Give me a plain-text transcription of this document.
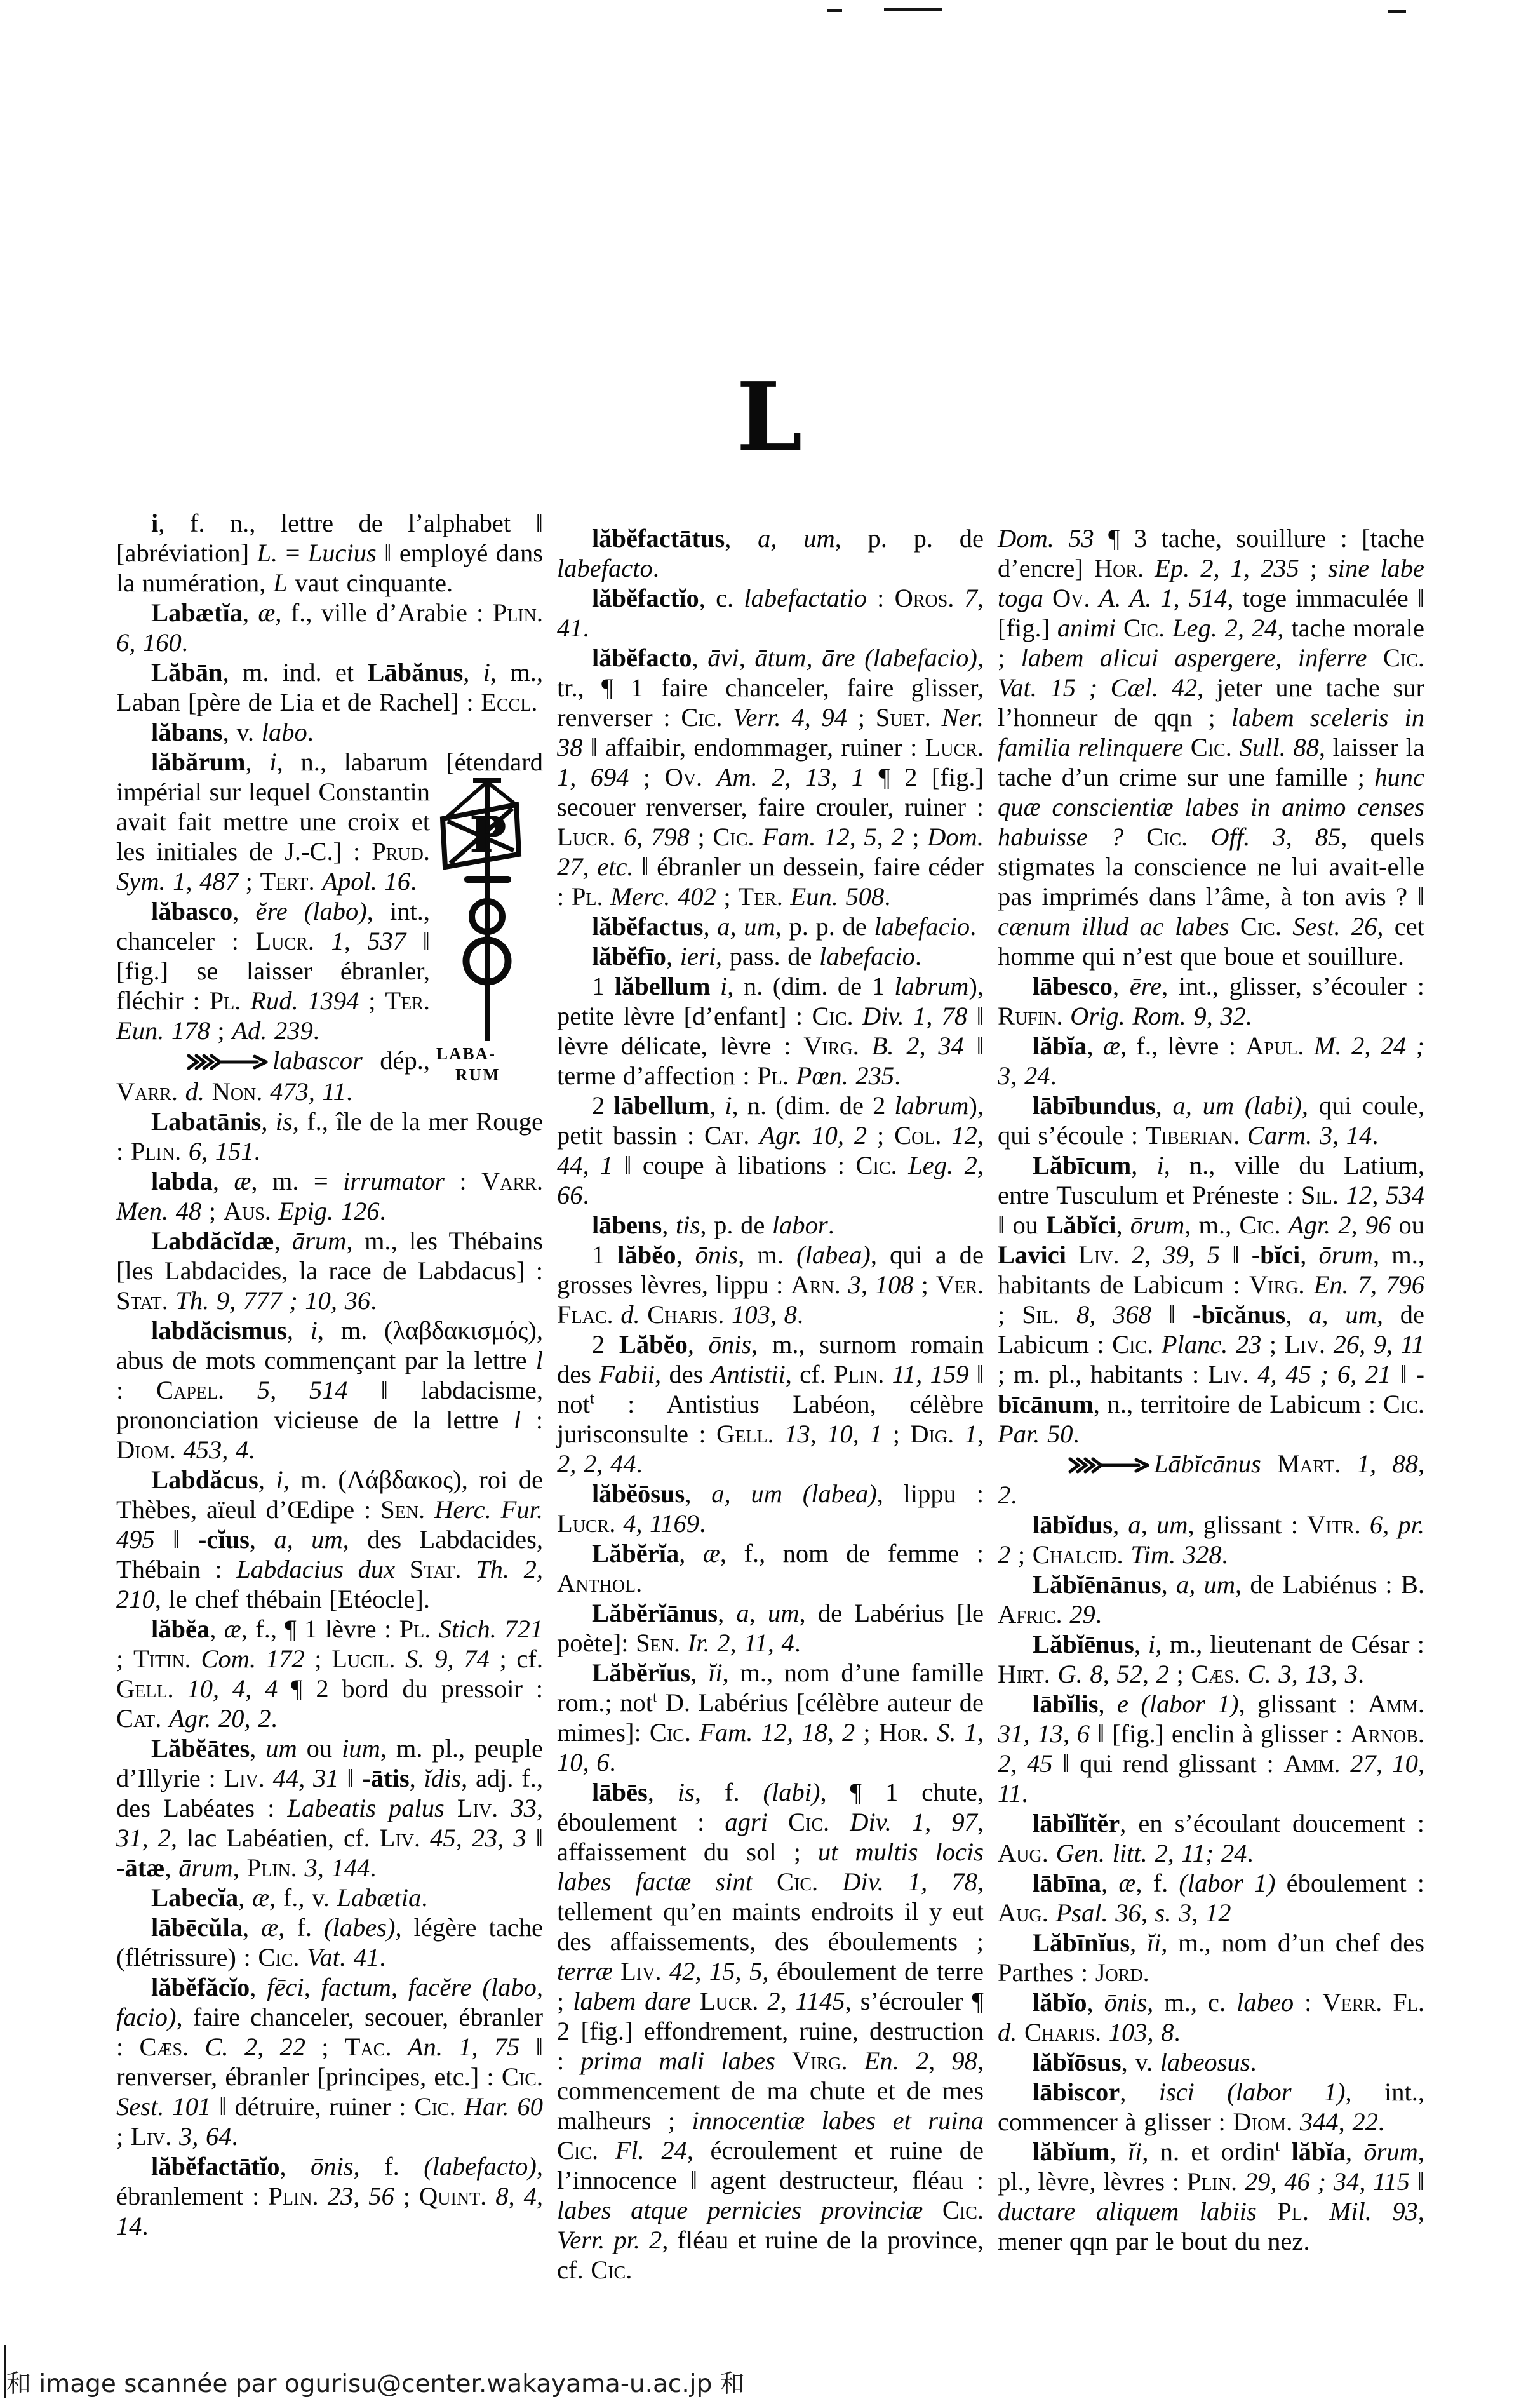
L

i, f. n., lettre de l’alphabet ‖ [abréviation] L. = Lucius ‖ employé dans la numération, L vaut cinquante.

Labætĭa, æ, f., ville d’Arabie : Plin. 6, 160.

Lăbān, m. ind. et Lābănus, i, m., Laban [père de Lia et de Rachel] : Eccl.

lăbans, v. labo.

lăbărum, i, n., labarum [étendard impérial sur lequel
P
LABA-
RUM
Constantin avait fait mettre une croix et les initiales de J.-C.] : Prud. Sym. 1, 487 ; Tert. Apol. 16.

lăbasco, ĕre (labo), int., chanceler : Lucr. 1, 537 ‖ [fig.] se laisser ébranler, fléchir : Pl. Rud. 1394 ; Ter. Eun. 178 ; Ad. 239.

labascor dép., Varr. d. Non. 473, 11.

Labatānis, is, f., île de la mer Rouge : Plin. 6, 151.

labda, æ, m. = irrumator : Varr. Men. 48 ; Aus. Epig. 126.

Labdăcĭdæ, ārum, m., les Thébains [les Labdacides, la race de Labdacus] : Stat. Th. 9, 777 ; 10, 36.

labdăcismus, i, m. (λαβδακισμός), abus de mots commençant par la lettre l : Capel. 5, 514 ‖ labdacisme, prononciation vicieuse de la lettre l : Diom. 453, 4.

Labdăcus, i, m. (Λάβδακος), roi de Thèbes, aïeul d’Œdipe : Sen. Herc. Fur. 495 ‖ -cĭus, a, um, des Labdacides, Thébain : Labdacius dux Stat. Th. 2, 210, le chef thébain [Etéocle].

lăbĕa, æ, f., ¶ 1 lèvre : Pl. Stich. 721 ; Titin. Com. 172 ; Lucil. S. 9, 74 ; cf. Gell. 10, 4, 4 ¶ 2 bord du pressoir : Cat. Agr. 20, 2.

Lăbĕātes, um ou ium, m. pl., peuple d’Illyrie : Liv. 44, 31 ‖ -ātis, ĭdis, adj. f., des Labéates : Labeatis palus Liv. 33, 31, 2, lac Labéatien, cf. Liv. 45, 23, 3 ‖ -ātæ, ārum, Plin. 3, 144.

Labecĭa, æ, f., v. Labætia.

lābēcŭla, æ, f. (labes), légère tache (flétrissure) : Cic. Vat. 41.

lăbĕfăcĭo, fēci, factum, facĕre (labo, facio), faire chanceler, secouer, ébranler : Cæs. C. 2, 22 ; Tac. An. 1, 75 ‖ renverser, ébranler [principes, etc.] : Cic. Sest. 101 ‖ détruire, ruiner : Cic. Har. 60 ; Liv. 3, 64.

lăbĕfactātĭo, ōnis, f. (labefacto), ébranlement : Plin. 23, 56 ; Quint. 8, 4, 14.

lăbĕfactātus, a, um, p. p. de labefacto.

lăbĕfactĭo, c. labefactatio : Oros. 7, 41.

lăbĕfacto, āvi, ātum, āre (labefacio), tr., ¶ 1 faire chanceler, faire glisser, renverser : Cic. Verr. 4, 94 ; Suet. Ner. 38 ‖ affaibir, endommager, ruiner : Lucr. 1, 694 ; Ov. Am. 2, 13, 1 ¶ 2 [fig.] secouer renverser, faire crouler, ruiner : Lucr. 6, 798 ; Cic. Fam. 12, 5, 2 ; Dom. 27, etc. ‖ ébranler un dessein, faire céder : Pl. Merc. 402 ; Ter. Eun. 508.

lăbĕfactus, a, um, p. p. de labefacio.

lăbĕfīo, ieri, pass. de labefacio.

1 lăbellum i, n. (dim. de 1 labrum), petite lèvre [d’enfant] : Cic. Div. 1, 78 ‖ lèvre délicate, lèvre : Virg. B. 2, 34 ‖ terme d’affection : Pl. Pœn. 235.

2 lābellum, i, n. (dim. de 2 labrum), petit bassin : Cat. Agr. 10, 2 ; Col. 12, 44, 1 ‖ coupe à libations : Cic. Leg. 2, 66.

lābens, tis, p. de labor.

1 lăbĕo, ōnis, m. (labea), qui a de grosses lèvres, lippu : Arn. 3, 108 ; Ver. Flac. d. Charis. 103, 8.

2 Lăbĕo, ōnis, m., surnom romain des Fabii, des Antistii, cf. Plin. 11, 159 ‖ not$^t$ : Antistius Labéon, célèbre jurisconsulte : Gell. 13, 10, 1 ; Dig. 1, 2, 2, 44.

lăbĕōsus, a, um (labea), lippu : Lucr. 4, 1169.

Lăbĕrĭa, æ, f., nom de femme : Anthol.

Lăbĕrĭānus, a, um, de Labérius [le poète]: Sen. Ir. 2, 11, 4.

Lăbĕrĭus, ĭi, m., nom d’une famille rom.; not$^t$ D. Labérius [célèbre auteur de mimes]: Cic. Fam. 12, 18, 2 ; Hor. S. 1, 10, 6.

lābēs, is, f. (labi), ¶ 1 chute, éboulement : agri Cic. Div. 1, 97, affaissement du sol ; ut multis locis labes factæ sint Cic. Div. 1, 78, tellement qu’en maints endroits il y eut des affaissements, des éboulements ; terræ Liv. 42, 15, 5, éboulement de terre ; labem dare Lucr. 2, 1145, s’écrouler ¶ 2 [fig.] effondrement, ruine, destruction : prima mali labes Virg. En. 2, 98, commencement de ma chute et de mes malheurs ; innocentiæ labes et ruina Cic. Fl. 24, écroulement et ruine de l’innocence ‖ agent destructeur, fléau : labes atque pernicies provinciæ Cic. Verr. pr. 2, fléau et ruine de la province, cf. Cic.

Dom. 53 ¶ 3 tache, souillure : [tache d’encre] Hor. Ep. 2, 1, 235 ; sine labe toga Ov. A. A. 1, 514, toge immaculée ‖ [fig.] animi Cic. Leg. 2, 24, tache morale ; labem alicui aspergere, inferre Cic. Vat. 15 ; Cæl. 42, jeter une tache sur l’honneur de qqn ; labem sceleris in familia relinquere Cic. Sull. 88, laisser la tache d’un crime sur une famille ; hunc quæ conscientiæ labes in animo censes habuisse ? Cic. Off. 3, 85, quels stigmates la conscience ne lui avait-elle pas imprimés dans l’âme, à ton avis ? ‖ cænum illud ac labes Cic. Sest. 26, cet homme qui n’est que boue et souillure.

lābesco, ēre, int., glisser, s’écouler : Rufin. Orig. Rom. 9, 32.

lăbĭa, æ, f., lèvre : Apul. M. 2, 24 ; 3, 24.

lābībundus, a, um (labi), qui coule, qui s’écoule : Tiberian. Carm. 3, 14.

Lăbīcum, i, n., ville du Latium, entre Tusculum et Préneste : Sil. 12, 534 ‖ ou Lăbĭci, ōrum, m., Cic. Agr. 2, 96 ou Lavici Liv. 2, 39, 5 ‖ -bĭci, ōrum, m., habitants de Labicum : Virg. En. 7, 796 ; Sil. 8, 368 ‖ -bīcănus, a, um, de Labicum : Cic. Planc. 23 ; Liv. 26, 9, 11 ; m. pl., habitants : Liv. 4, 45 ; 6, 21 ‖ -bīcānum, n., territoire de Labicum : Cic. Par. 50.

Lābĭcānus Mart. 1, 88, 2.

lābĭdus, a, um, glissant : Vitr. 6, pr. 2 ; Chalcid. Tim. 328.

Lăbĭēnānus, a, um, de Labiénus : B. Afric. 29.

Lăbĭēnus, i, m., lieutenant de César : Hirt. G. 8, 52, 2 ; Cæs. C. 3, 13, 3.

lābĭlis, e (labor 1), glissant : Amm. 31, 13, 6 ‖ [fig.] enclin à glisser : Arnob. 2, 45 ‖ qui rend glissant : Amm. 27, 10, 11.

lābĭlĭtĕr, en s’écoulant doucement : Aug. Gen. litt. 2, 11; 24.

lābīna, æ, f. (labor 1) éboulement : Aug. Psal. 36, s. 3, 12

Lăbīnĭus, ĭi, m., nom d’un chef des Parthes : Jord.

lăbĭo, ōnis, m., c. labeo : Verr. Fl. d. Charis. 103, 8.

lăbĭōsus, v. labeosus.

lābiscor, isci (labor 1), int., commencer à glisser : Diom. 344, 22.

lăbĭum, ĭi, n. et ordin$^t$ lăbĭa, ōrum, pl., lèvre, lèvres : Plin. 29, 46 ; 34, 115 ‖ ductare aliquem labiis Pl. Mil. 93, mener qqn par le bout du nez.

和 image scannée par ogurisu@center.wakayama-u.ac.jp 和
